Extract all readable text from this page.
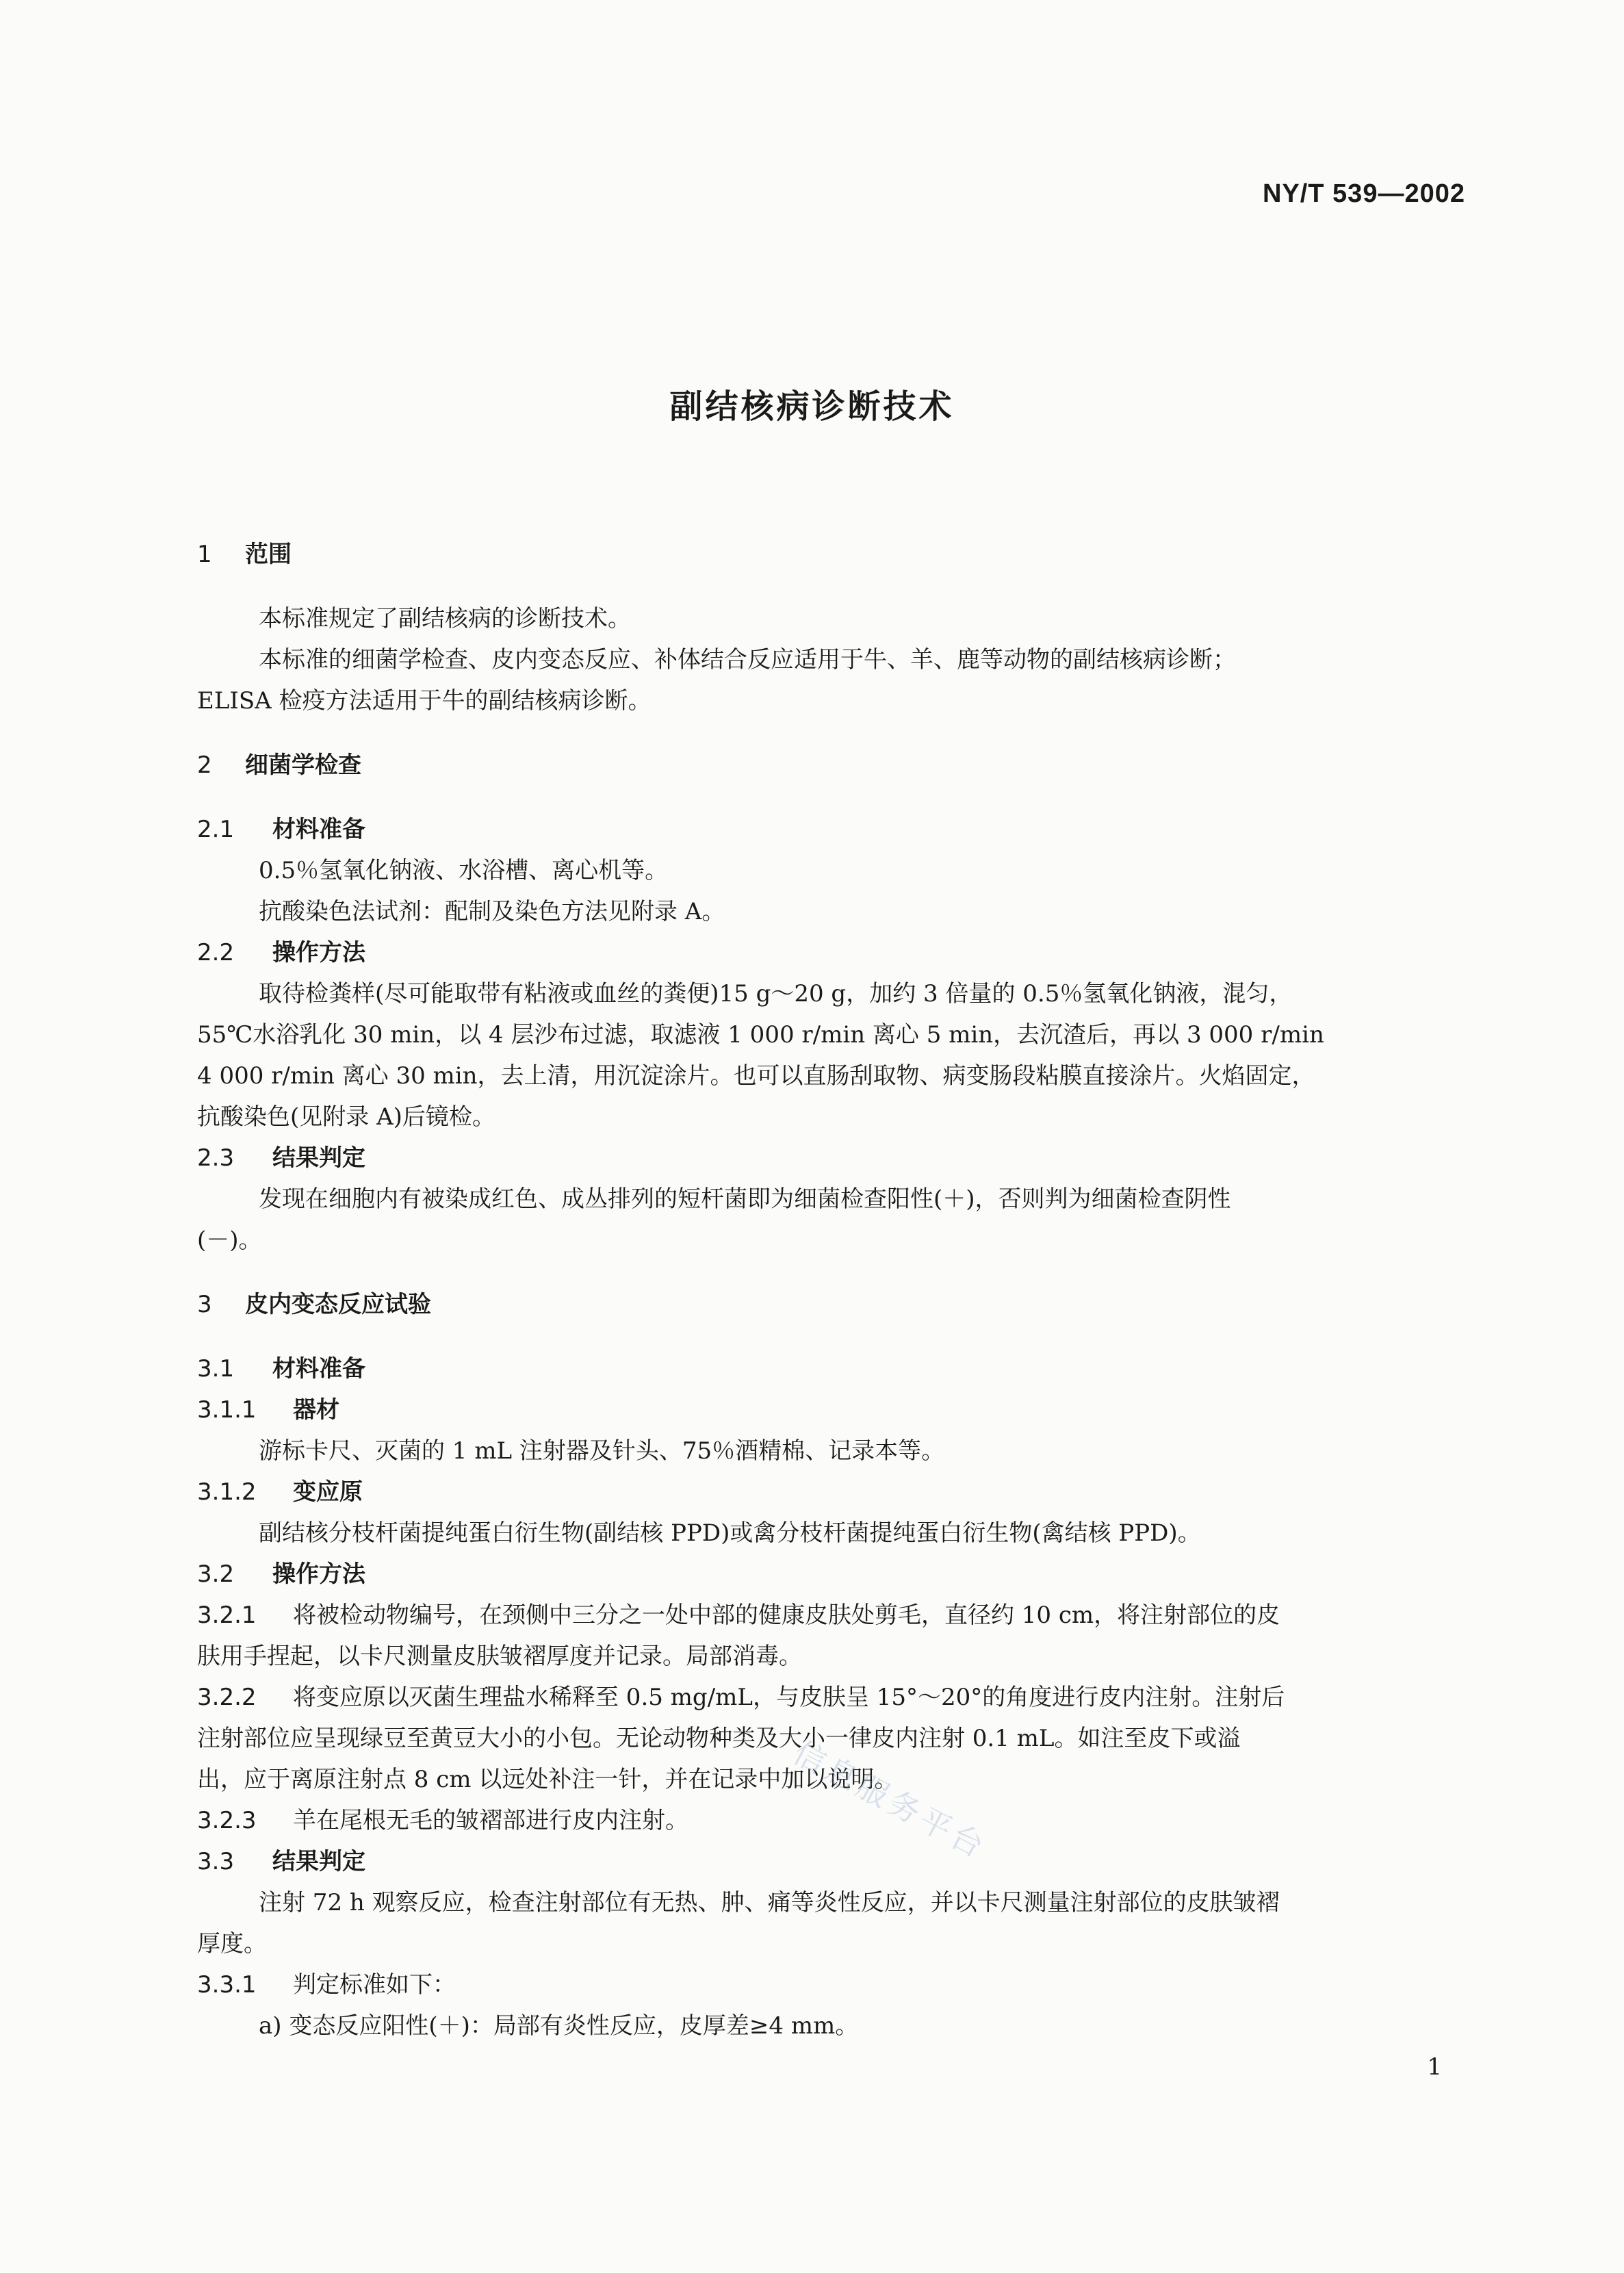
NY/T 539—2002
副结核病诊断技术
1 范围
本标准规定了副结核病的诊断技术。
本标准的细菌学检查、皮内变态反应、补体结合反应适用于牛、羊、鹿等动物的副结核病诊断；
ELISA 检疫方法适用于牛的副结核病诊断。
2 细菌学检查
2.1 材料准备
0.5％氢氧化钠液、水浴槽、离心机等。
抗酸染色法试剂：配制及染色方法见附录 A。
2.2 操作方法
取待检粪样(尽可能取带有粘液或血丝的粪便)15 g～20 g，加约 3 倍量的 0.5％氢氧化钠液，混匀，
55℃水浴乳化 30 min，以 4 层沙布过滤，取滤液 1 000 r/min 离心 5 min，去沉渣后，再以 3 000 r/min
4 000 r/min 离心 30 min，去上清，用沉淀涂片。也可以直肠刮取物、病变肠段粘膜直接涂片。火焰固定，
抗酸染色(见附录 A)后镜检。
2.3 结果判定
发现在细胞内有被染成红色、成丛排列的短杆菌即为细菌检查阳性(＋)，否则判为细菌检查阴性
(－)。
3 皮内变态反应试验
3.1 材料准备
3.1.1 器材
游标卡尺、灭菌的 1 mL 注射器及针头、75％酒精棉、记录本等。
3.1.2 变应原
副结核分枝杆菌提纯蛋白衍生物(副结核 PPD)或禽分枝杆菌提纯蛋白衍生物(禽结核 PPD)。
3.2 操作方法
3.2.1 将被检动物编号，在颈侧中三分之一处中部的健康皮肤处剪毛，直径约 10 cm，将注射部位的皮
肤用手捏起，以卡尺测量皮肤皱褶厚度并记录。局部消毒。
3.2.2 将变应原以灭菌生理盐水稀释至 0.5 mg/mL，与皮肤呈 15°～20°的角度进行皮内注射。注射后
注射部位应呈现绿豆至黄豆大小的小包。无论动物种类及大小一律皮内注射 0.1 mL。如注至皮下或溢
出，应于离原注射点 8 cm 以远处补注一针，并在记录中加以说明。
3.2.3 羊在尾根无毛的皱褶部进行皮内注射。
3.3 结果判定
注射 72 h 观察反应，检查注射部位有无热、肿、痛等炎性反应，并以卡尺测量注射部位的皮肤皱褶
厚度。
3.3.1 判定标准如下：
a) 变态反应阳性(＋)：局部有炎性反应，皮厚差≥4 mm。
信息服务平台
1
